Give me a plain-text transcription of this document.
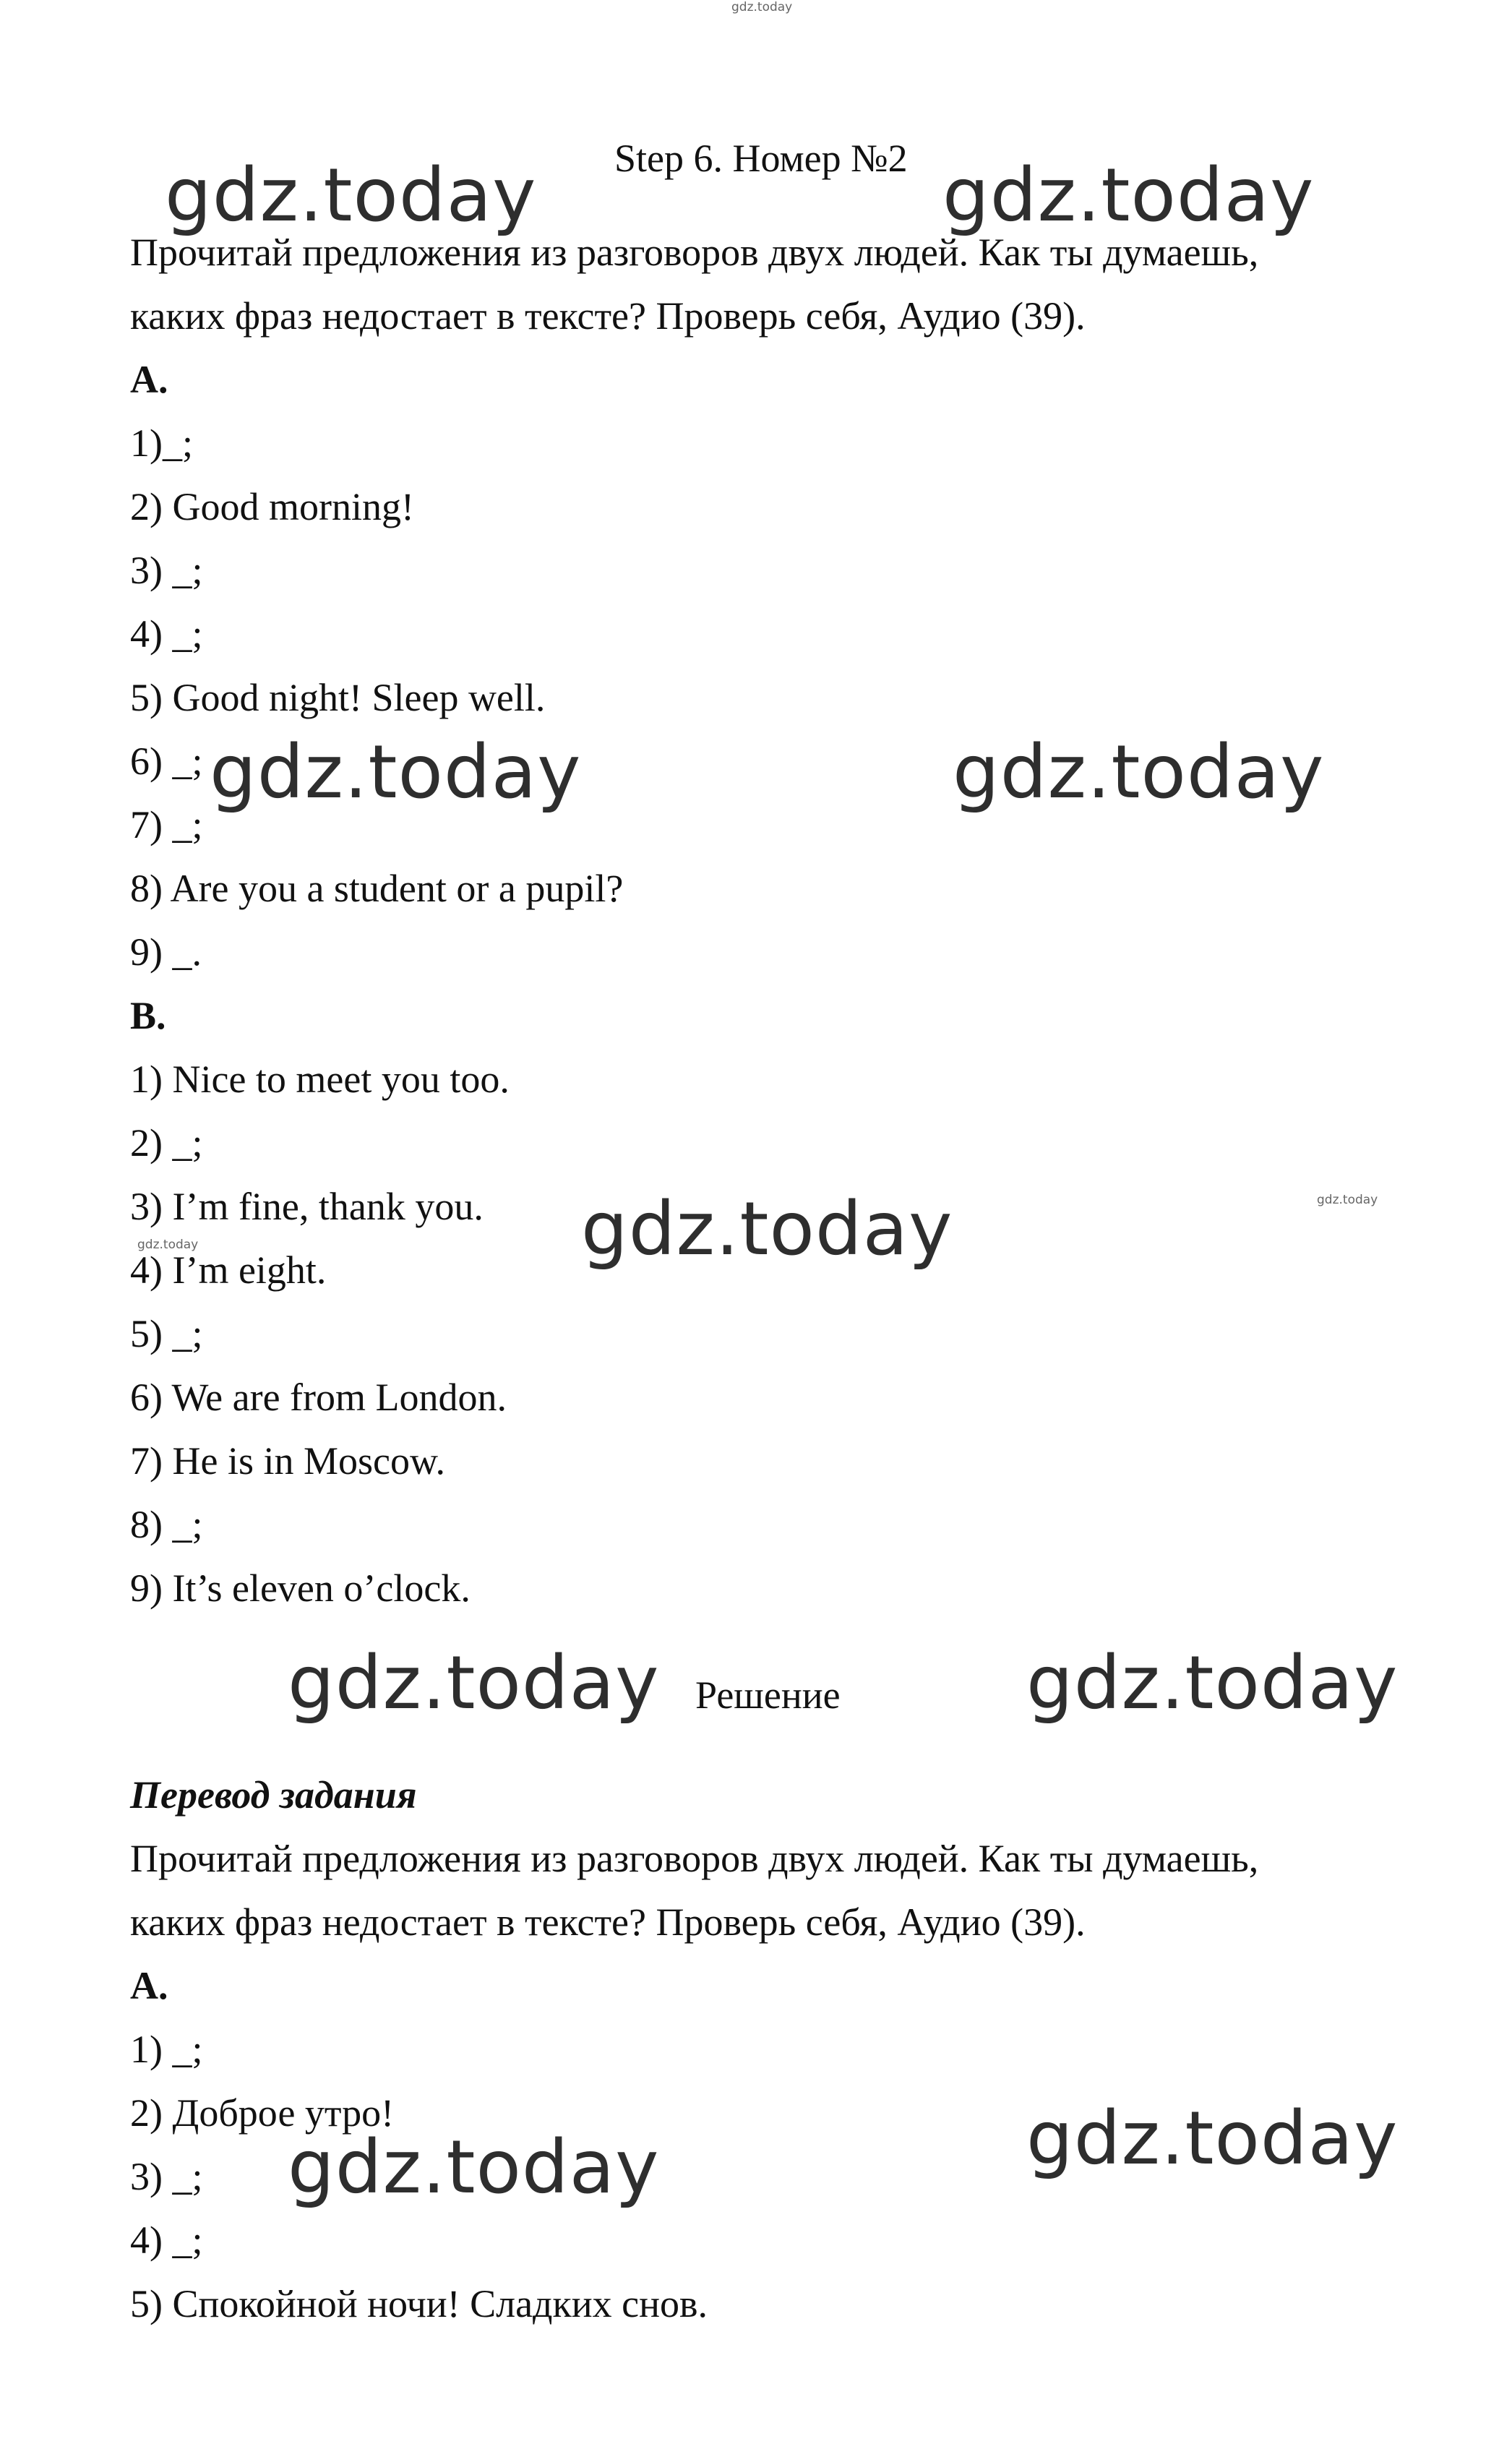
gdz.today
Step 6. Номер №2
gdz.today	gdz.today
gdz.today	gdz.today
gdz.today
gdz.today	gdz.today
gdz.today
gdz.today
gdz.today
gdz.today
Прочитай предложения из разговоров двух людей. Как ты думаешь,
каких фраз недостает в тексте? Проверь себя, Аудио (39).
A.
1)_;
2) Good morning!
3) _;
4) _;
5) Good night! Sleep well.
6) _;
7) _;
8) Are you a student or a pupil?
9) _.
B.
1) Nice to meet you too.
2) _;
3) I’m fine, thank you.
4) I’m eight.
5) _;
6) We are from London.
7) He is in Moscow.
8) _;
9) It’s eleven o’clock.
Решение
Перевод задания
Прочитай предложения из разговоров двух людей. Как ты думаешь,
каких фраз недостает в тексте? Проверь себя, Аудио (39).
A.
1) _;
2) Доброе утро!
3) _;
4) _;
5) Спокойной ночи! Сладких снов.
